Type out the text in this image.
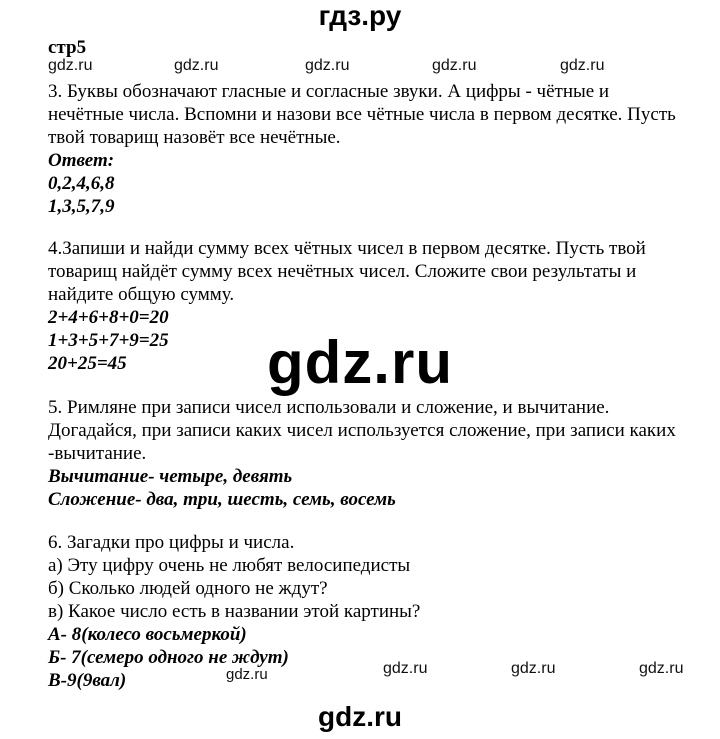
гдз.ру
стр5
gdz.ru	gdz.ru	gdz.ru	gdz.ru	gdz.ru
3. Буквы обозначают гласные и согласные звуки. А цифры - чётные и
нечётные числа. Вспомни и назови все чётные числа в первом десятке. Пусть
твой товарищ назовёт все нечётные.
Ответ:
0,2,4,6,8
1,3,5,7,9
4.Запиши и найди сумму всех чётных чисел в первом десятке. Пусть твой
товарищ найдёт сумму всех нечётных чисел. Сложите свои результаты и
найдите общую сумму.
2+4+6+8+0=20
1+3+5+7+9=25
20+25=45	gdz.ru
5. Римляне при записи чисел использовали и сложение, и вычитание.
Догадайся, при записи каких чисел используется сложение, при записи каких
-вычитание.
Вычитание- четыре, девять
Сложение- два, три, шесть, семь, восемь
6. Загадки про цифры и числа.
а) Эту цифру очень не любят велосипедисты
б) Сколько людей одного не ждут?
в) Какое число есть в названии этой картины?
А- 8(колесо восьмеркой)
Б- 7(семеро одного не ждут)
В-9(9вал)	gdz.ru	gdz.ru	gdz.ru	gdz.ru
gdz.ru
